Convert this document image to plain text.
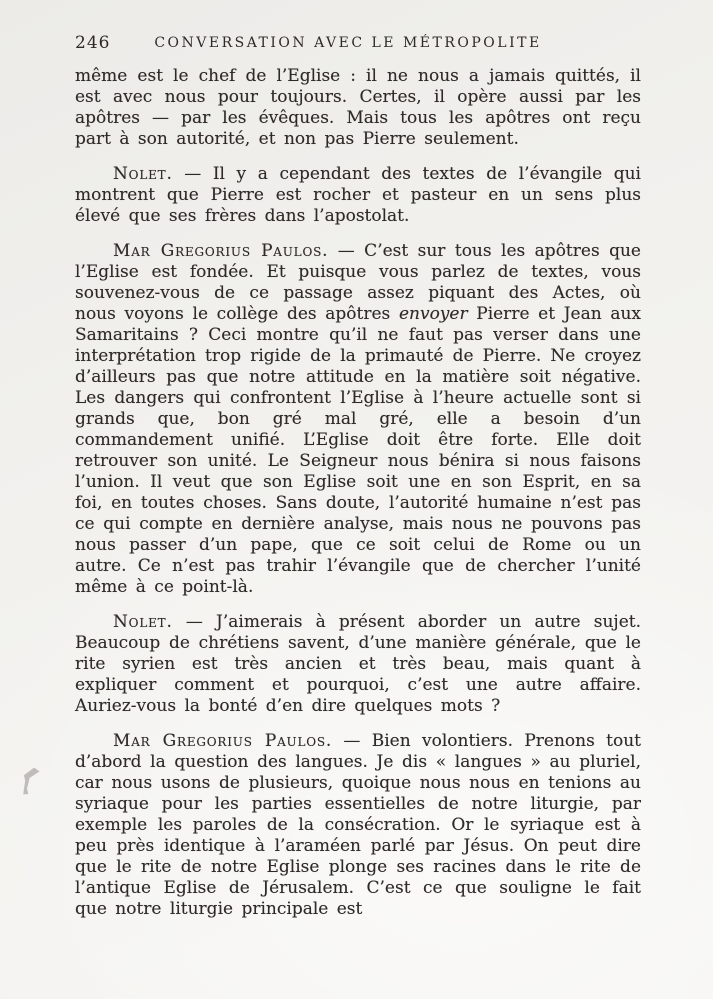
246	CONVERSATION AVEC LE MÉTROPOLITE

même est le chef de l’Eglise : il ne nous a jamais quittés, il est avec nous pour toujours. Certes, il opère aussi par les apôtres — par les évêques. Mais tous les apôtres ont reçu part à son autorité, et non pas Pierre seulement.

Nolet. — Il y a cependant des textes de l’évangile qui montrent que Pierre est rocher et pasteur en un sens plus élevé que ses frères dans l’apostolat.

Mar Gregorius Paulos. — C’est sur tous les apôtres que l’Eglise est fondée. Et puisque vous parlez de textes, vous souvenez-vous de ce passage assez piquant des Actes, où nous voyons le collège des apôtres envoyer Pierre et Jean aux Samaritains ? Ceci montre qu’il ne faut pas verser dans une interprétation trop rigide de la primauté de Pierre. Ne croyez d’ailleurs pas que notre attitude en la matière soit négative. Les dangers qui confrontent l’Eglise à l’heure actuelle sont si grands que, bon gré mal gré, elle a besoin d’un commandement unifié. L’Eglise doit être forte. Elle doit retrouver son unité. Le Seigneur nous bénira si nous faisons l’union. Il veut que son Eglise soit une en son Esprit, en sa foi, en toutes choses. Sans doute, l’autorité humaine n’est pas ce qui compte en dernière analyse, mais nous ne pouvons pas nous passer d’un pape, que ce soit celui de Rome ou un autre. Ce n’est pas trahir l’évangile que de chercher l’unité même à ce point-là.

Nolet. — J’aimerais à présent aborder un autre sujet. Beaucoup de chrétiens savent, d’une manière générale, que le rite syrien est très ancien et très beau, mais quant à expliquer comment et pourquoi, c’est une autre affaire. Auriez-vous la bonté d’en dire quelques mots ?

Mar Gregorius Paulos. — Bien volontiers. Prenons tout d’abord la question des langues. Je dis « langues » au pluriel, car nous usons de plusieurs, quoique nous nous en tenions au syriaque pour les parties essentielles de notre liturgie, par exemple les paroles de la consécration. Or le syriaque est à peu près identique à l’araméen parlé par Jésus. On peut dire que le rite de notre Eglise plonge ses racines dans le rite de l’antique Eglise de Jérusalem. C’est ce que souligne le fait que notre liturgie principale est
